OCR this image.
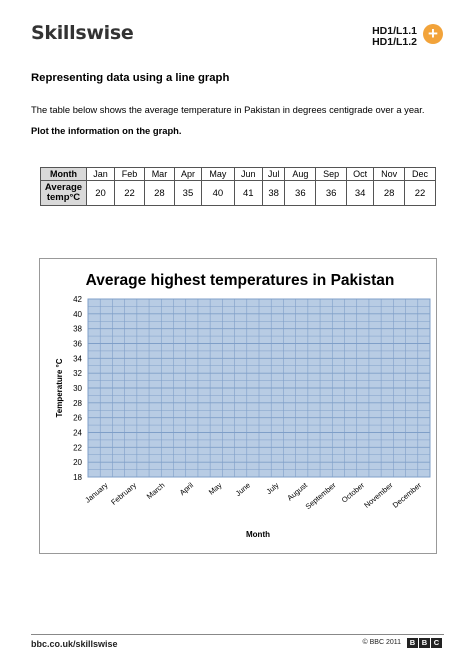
Skillswise	HD1/L1.1
HD1/L1.2 +
Representing data using a line graph
The table below shows the average temperature in Pakistan in degrees centigrade over a year.
Plot the information on the graph.
Month	Jan	Feb	Mar	Apr	May	Jun	Jul	Aug	Sep	Oct	Nov	Dec

Average
temp°C	20	22	28	35	40	41	38	36	36	34	28	22
Average highest temperatures in Pakistan
Temperature °C
Month
18
20
22
24
26
28
30
32
34
36
38
40
42
January February March April May June July August
September October
November
December
bbc.co.uk/skillswise	© BBC 2011	B B C
